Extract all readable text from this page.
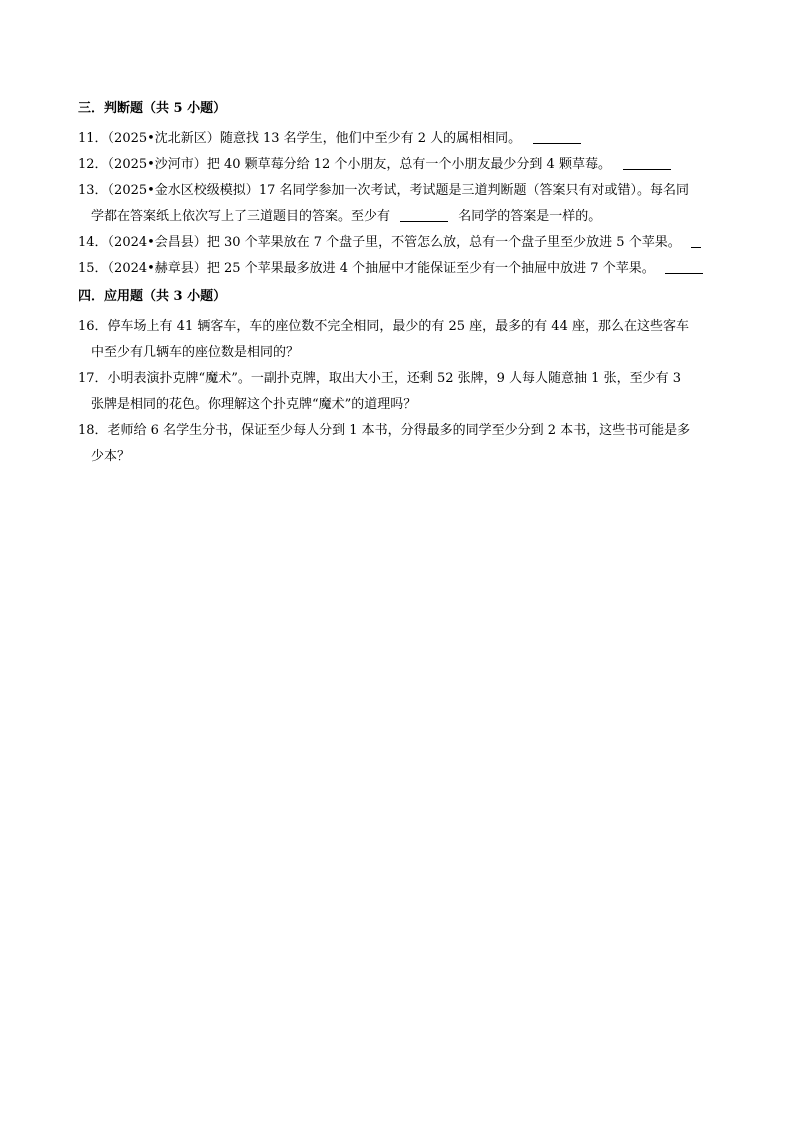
三．判断题（共 5 小题）

11．（2025•沈北新区）随意找 13 名学生，他们中至少有 2 人的属相相同。

12．（2025•沙河市）把 40 颗草莓分给 12 个小朋友，总有一个小朋友最少分到 4 颗草莓。

13．（2025•金水区校级模拟）17 名同学参加一次考试，考试题是三道判断题（答案只有对或错）。每名同
学都在答案纸上依次写上了三道题目的答案。至少有	名同学的答案是一样的。

14．（2024•会昌县）把 30 个苹果放在 7 个盘子里，不管怎么放，总有一个盘子里至少放进 5 个苹果。

15．（2024•赫章县）把 25 个苹果最多放进 4 个抽屉中才能保证至少有一个抽屉中放进 7 个苹果。

四．应用题（共 3 小题）

16．停车场上有 41 辆客车，车的座位数不完全相同，最少的有 25 座，最多的有 44 座，那么在这些客车
中至少有几辆车的座位数是相同的？

17．小明表演扑克牌“魔术”。一副扑克牌，取出大小王，还剩 52 张牌，9 人每人随意抽 1 张，至少有 3
张牌是相同的花色。你理解这个扑克牌“魔术”的道理吗？

18．老师给 6 名学生分书，保证至少每人分到 1 本书，分得最多的同学至少分到 2 本书，这些书可能是多
少本？
